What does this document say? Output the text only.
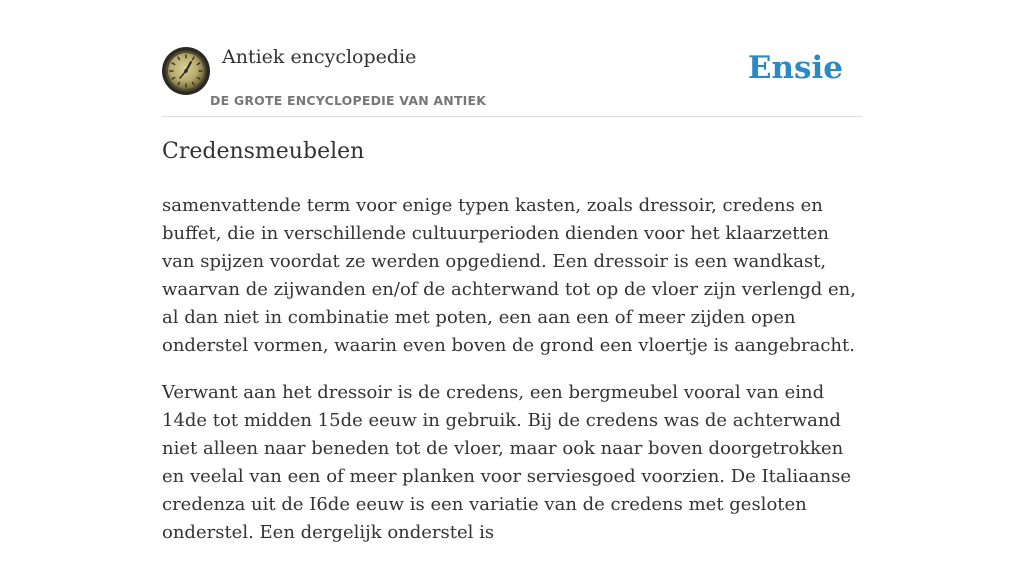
Antiek encyclopedie
DE GROTE ENCYCLOPEDIE VAN ANTIEK
Ensie
Credensmeubelen

samenvattende term voor enige typen kasten, zoals dressoir, credens en buffet, die in verschillende cultuurperioden dienden voor het klaarzetten van spijzen voordat ze werden opgediend. Een dressoir is een wandkast, waarvan de zijwanden en/of de achterwand tot op de vloer zijn verlengd en, al dan niet in combinatie met poten, een aan een of meer zijden open onderstel vormen, waarin even boven de grond een vloertje is aangebracht.

Verwant aan het dressoir is de credens, een bergmeubel vooral van eind 14de tot midden 15de eeuw in gebruik. Bij de credens was de achterwand niet alleen naar beneden tot de vloer, maar ook naar boven doorgetrokken en veelal van een of meer planken voor serviesgoed voorzien. De Italiaanse credenza uit de I6de eeuw is een variatie van de credens met gesloten onderstel. Een dergelijk onderstel is
